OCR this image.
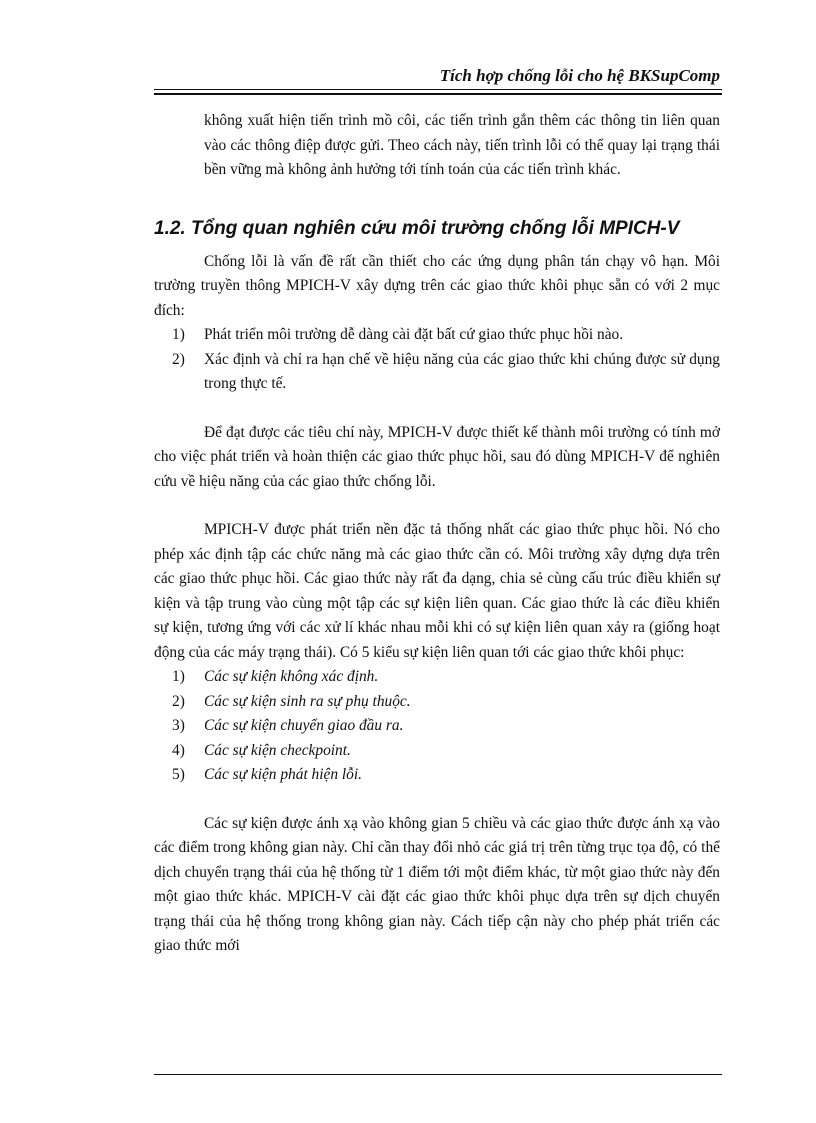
Tích hợp chống lỗi cho hệ BKSupComp

không xuất hiện tiến trình mồ côi, các tiến trình gắn thêm các thông tin liên quan vào các thông điệp được gửi. Theo cách này, tiến trình lỗi có thể quay lại trạng thái bền vững mà không ảnh hưởng tới tính toán của các tiến trình khác.

1.2. Tổng quan nghiên cứu môi trường chống lỗi MPICH-V

Chống lỗi là vấn đề rất cần thiết cho các ứng dụng phân tán chạy vô hạn. Môi trường truyền thông MPICH-V xây dựng trên các giao thức khôi phục sẵn có với 2 mục đích:

1)	Phát triển môi trường dễ dàng cài đặt bất cứ giao thức phục hồi nào.
2)	Xác định và chỉ ra hạn chế về hiệu năng của các giao thức khi chúng được sử dụng trong thực tế.

Để đạt được các tiêu chí này, MPICH-V được thiết kế thành môi trường có tính mở cho việc phát triển và hoàn thiện các giao thức phục hồi, sau đó dùng MPICH-V để nghiên cứu về hiệu năng của các giao thức chống lỗi.

MPICH-V được phát triển nền đặc tả thống nhất các giao thức phục hồi. Nó cho phép xác định tập các chức năng mà các giao thức cần có. Môi trường xây dựng dựa trên các giao thức phục hồi. Các giao thức này rất đa dạng, chia sẻ cùng cấu trúc điều khiển sự kiện và tập trung vào cùng một tập các sự kiện liên quan. Các giao thức là các điều khiển sự kiện, tương ứng với các xử lí khác nhau mỗi khi có sự kiện liên quan xảy ra (giống hoạt động của các máy trạng thái). Có 5 kiểu sự kiện liên quan tới các giao thức khôi phục:

1)	Các sự kiện không xác định.
2)	Các sự kiện sinh ra sự phụ thuộc.
3)	Các sự kiện chuyển giao đầu ra.
4)	Các sự kiện checkpoint.
5)	Các sự kiện phát hiện lỗi.

Các sự kiện được ánh xạ vào không gian 5 chiều và các giao thức được ánh xạ vào các điểm trong không gian này. Chỉ cần thay đổi nhỏ các giá trị trên từng trục tọa độ, có thể dịch chuyển trạng thái của hệ thống từ 1 điểm tới một điểm khác, từ một giao thức này đến một giao thức khác. MPICH-V cài đặt các giao thức khôi phục dựa trên sự dịch chuyển trạng thái của hệ thống trong không gian này. Cách tiếp cận này cho phép phát triển các giao thức mới
